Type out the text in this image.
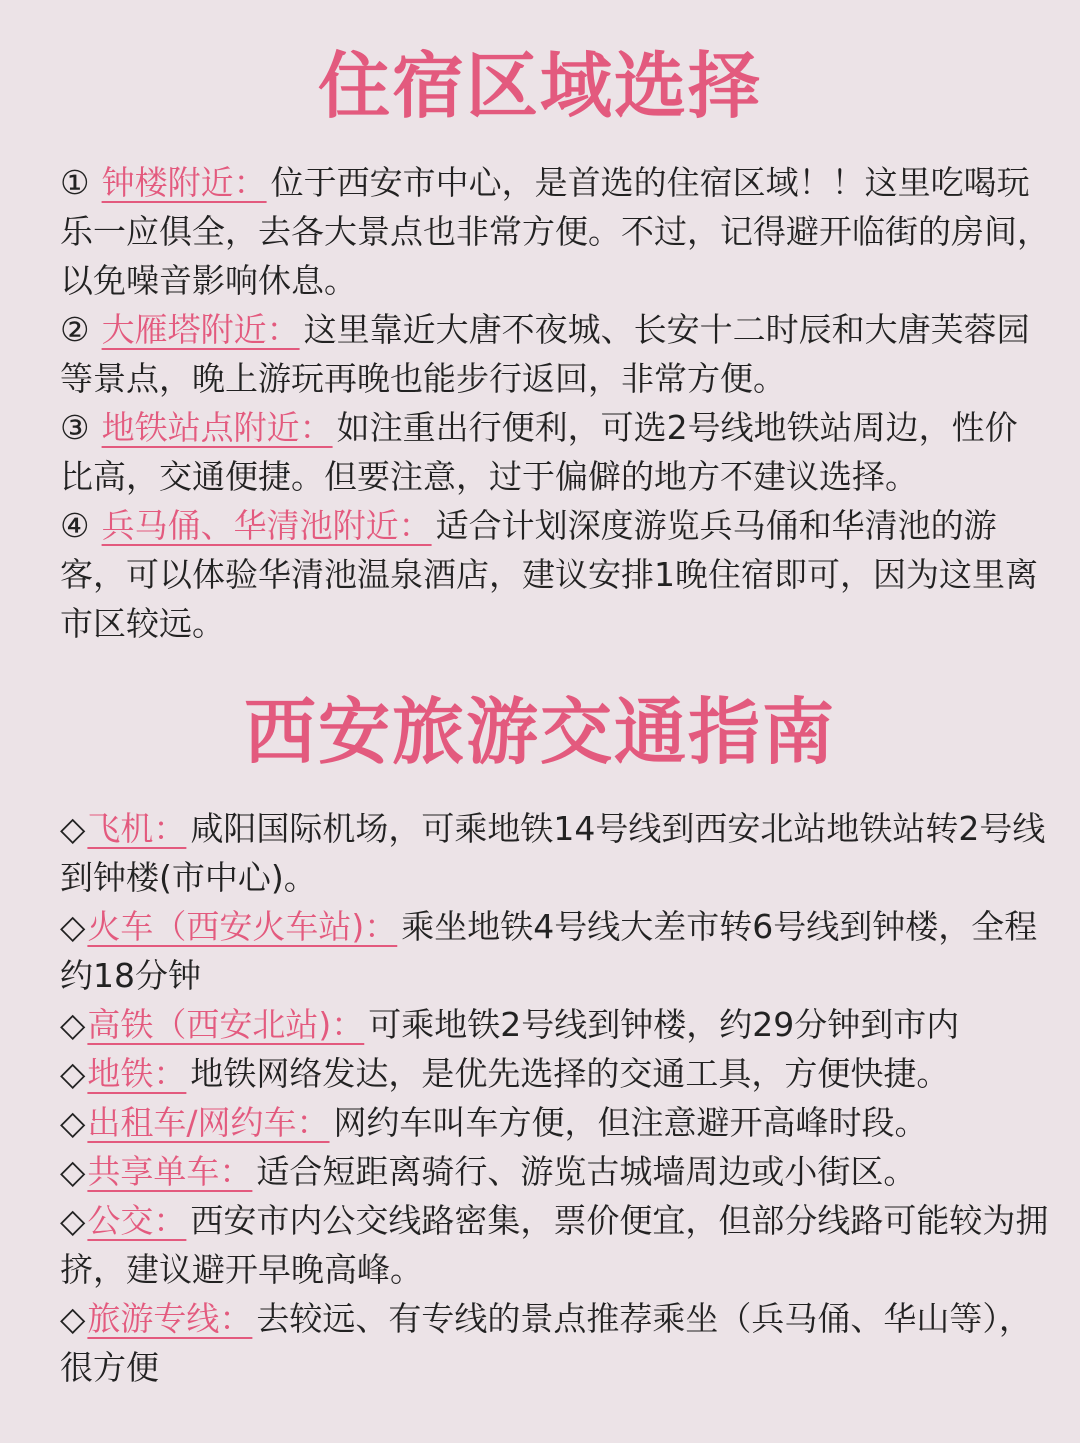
住宿区域选择

① 钟楼附近： 位于西安市中心，是首选的住宿区域！！这里吃喝玩乐一应俱全，去各大景点也非常方便。不过，记得避开临街的房间，以免噪音影响休息。

② 大雁塔附近： 这里靠近大唐不夜城、长安十二时辰和大唐芙蓉园等景点，晚上游玩再晚也能步行返回，非常方便。

③ 地铁站点附近： 如注重出行便利，可选2号线地铁站周边，性价比高，交通便捷。但要注意，过于偏僻的地方不建议选择。

④ 兵马俑、华清池附近： 适合计划深度游览兵马俑和华清池的游客，可以体验华清池温泉酒店，建议安排1晚住宿即可，因为这里离市区较远。

西安旅游交通指南

◇飞机： 咸阳国际机场，可乘地铁14号线到西安北站地铁站转2号线到钟楼(市中心)。

◇火车（西安火车站)： 乘坐地铁4号线大差市转6号线到钟楼，全程约18分钟

◇高铁（西安北站)： 可乘地铁2号线到钟楼，约29分钟到市内

◇地铁： 地铁网络发达，是优先选择的交通工具，方便快捷。

◇出租车/网约车： 网约车叫车方便，但注意避开高峰时段。

◇共享单车： 适合短距离骑行、游览古城墙周边或小街区。

◇公交： 西安市内公交线路密集，票价便宜，但部分线路可能较为拥挤，建议避开早晚高峰。

◇旅游专线： 去较远、有专线的景点推荐乘坐（兵马俑、华山等），很方便
